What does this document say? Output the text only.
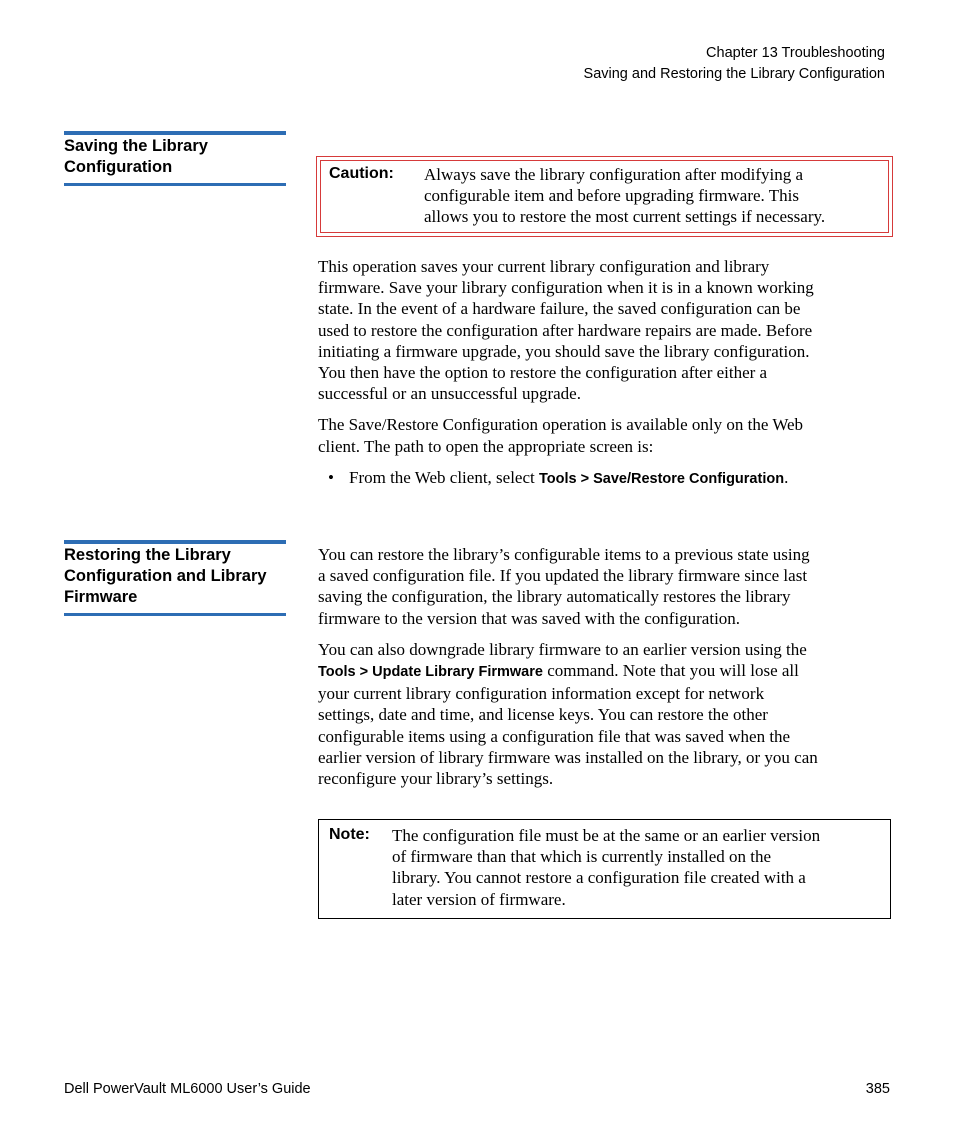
Chapter 13 Troubleshooting
Saving and Restoring the Library Configuration
Saving the Library
Configuration	Caution: Always save the library configuration after modifying a
configurable item and before upgrading firmware. This
allows you to restore the most current settings if necessary.

This operation saves your current library configuration and library
firmware. Save your library configuration when it is in a known working
state. In the event of a hardware failure, the saved configuration can be
used to restore the configuration after hardware repairs are made. Before
initiating a firmware upgrade, you should save the library configuration.
You then have the option to restore the configuration after either a
successful or an unsuccessful upgrade.

The Save/Restore Configuration operation is available only on the Web
client. The path to open the appropriate screen is:

• From the Web client, select Tools > Save/Restore Configuration.
Restoring the Library
Configuration and Library
Firmware

You can restore the library’s configurable items to a previous state using
a saved configuration file. If you updated the library firmware since last
saving the configuration, the library automatically restores the library
firmware to the version that was saved with the configuration.

You can also downgrade library firmware to an earlier version using the
Tools > Update Library Firmware command. Note that you will lose all
your current library configuration information except for network
settings, date and time, and license keys. You can restore the other
configurable items using a configuration file that was saved when the
earlier version of library firmware was installed on the library, or you can
reconfigure your library’s settings.

Note: The configuration file must be at the same or an earlier version
of firmware than that which is currently installed on the
library. You cannot restore a configuration file created with a
later version of firmware.
Dell PowerVault ML6000 User’s Guide	385
